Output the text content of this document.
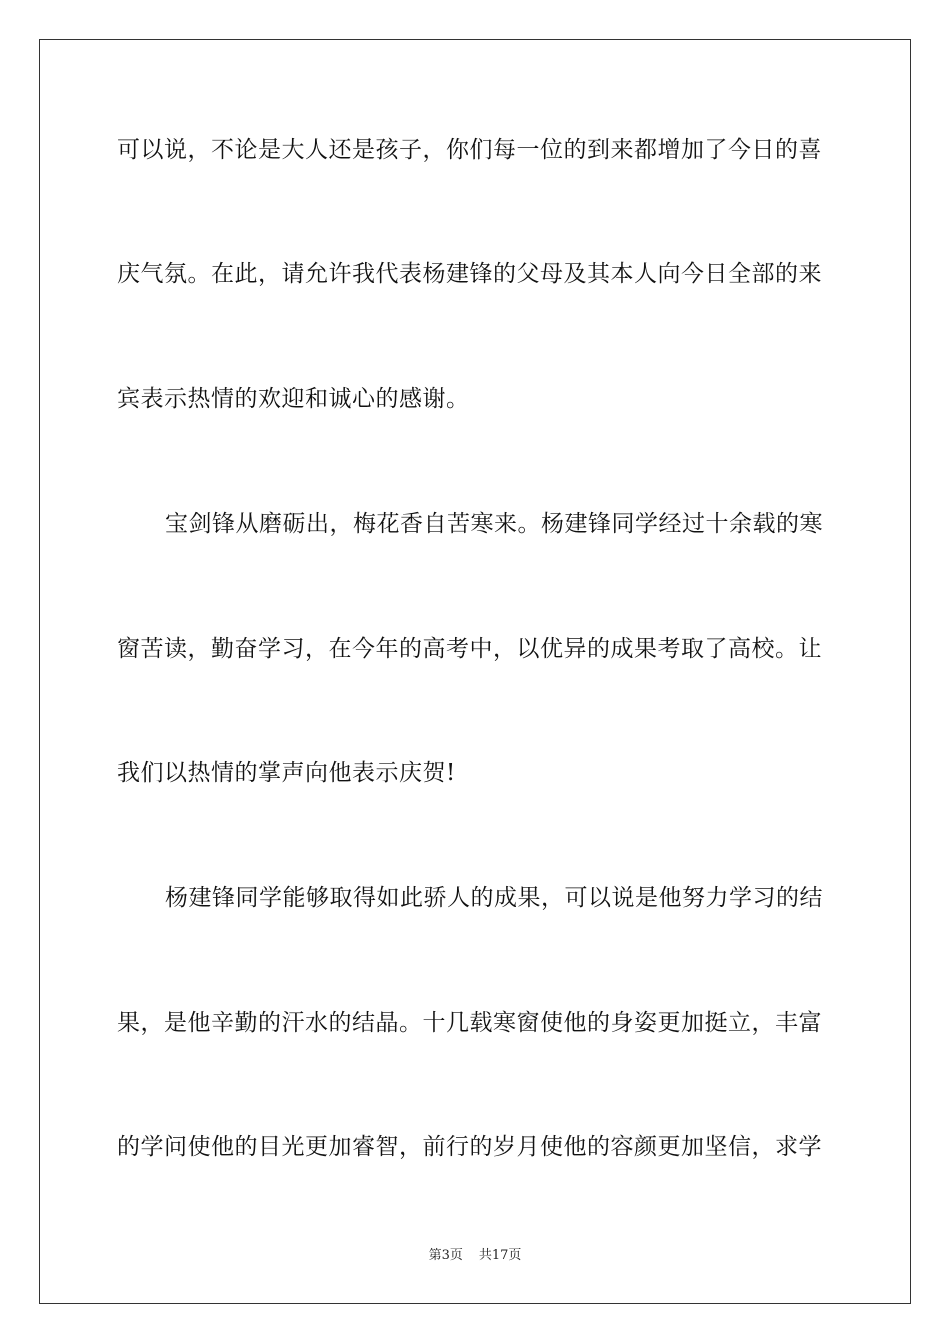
可以说，不论是大人还是孩子，你们每一位的到来都增加了今日的喜
庆气氛。在此，请允许我代表杨建锋的父母及其本人向今日全部的来
宾表示热情的欢迎和诚心的感谢。
宝剑锋从磨砺出，梅花香自苦寒来。杨建锋同学经过十余载的寒
窗苦读，勤奋学习，在今年的高考中，以优异的成果考取了高校。让
我们以热情的掌声向他表示庆贺!
杨建锋同学能够取得如此骄人的成果，可以说是他努力学习的结
果，是他辛勤的汗水的结晶。十几载寒窗使他的身姿更加挺立，丰富
的学问使他的目光更加睿智，前行的岁月使他的容颜更加坚信，求学
第3页 共17页
